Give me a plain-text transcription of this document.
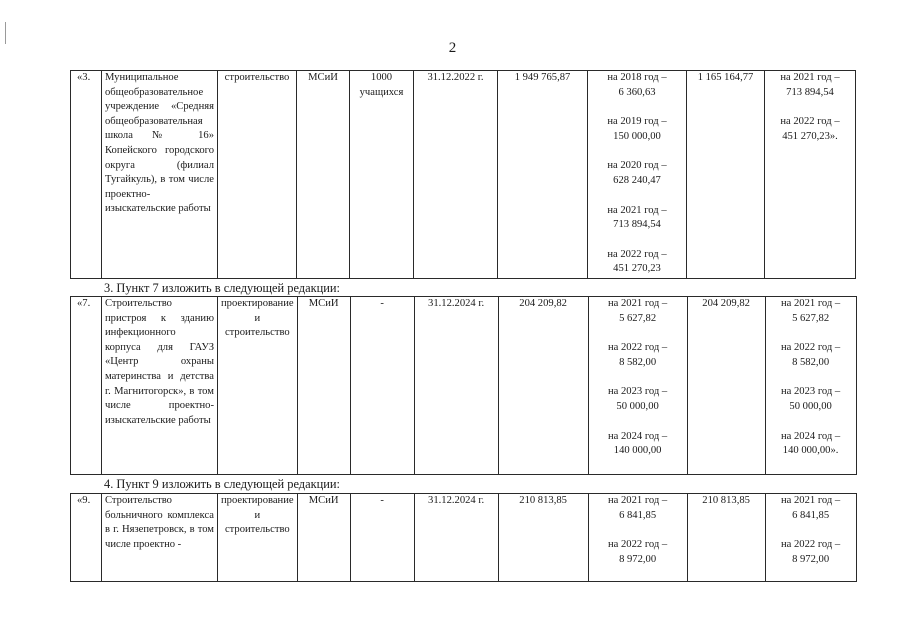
2
«3.	Муниципальное общеобразовательное учреждение «Средняя общеобразовательная школа № 16» Копейского городского округа (филиал Тугайкуль), в том числе проектно-изыскательские работы	строительство	МСиИ	1000 учащихся	31.12.2022 г.	1 949 765,87	на 2018 год –
6 360,63
на 2019 год –
150 000,00
на 2020 год –
628 240,47
на 2021 год –
713 894,54
на 2022 год –
451 270,23
	1 165 164,77	на 2021 год –
713 894,54
на 2022 год –
451 270,23».
3. Пункт 7 изложить в следующей редакции:
«7.	Строительство пристроя к зданию инфекционного корпуса для ГАУЗ «Центр охраны материнства и детства г. Магнитогорск», в том числе проектно-изыскательские работы	проектирование и строительство	МСиИ	-	31.12.2024 г.	204 209,82	на 2021 год –
5 627,82
на 2022 год –
8 582,00
на 2023 год –
50 000,00
на 2024 год –
140 000,00
	204 209,82	на 2021 год –
5 627,82
на 2022 год –
8 582,00
на 2023 год –
50 000,00
на 2024 год –
140 000,00».
4. Пункт 9 изложить в следующей редакции:
«9.	Строительство больничного комплекса в г. Нязепетровск, в том числе проектно -	проектирование и строительство	МСиИ	-	31.12.2024 г.	210 813,85	на 2021 год –
6 841,85
на 2022 год –
8 972,00
	210 813,85	на 2021 год –
6 841,85
на 2022 год –
8 972,00
